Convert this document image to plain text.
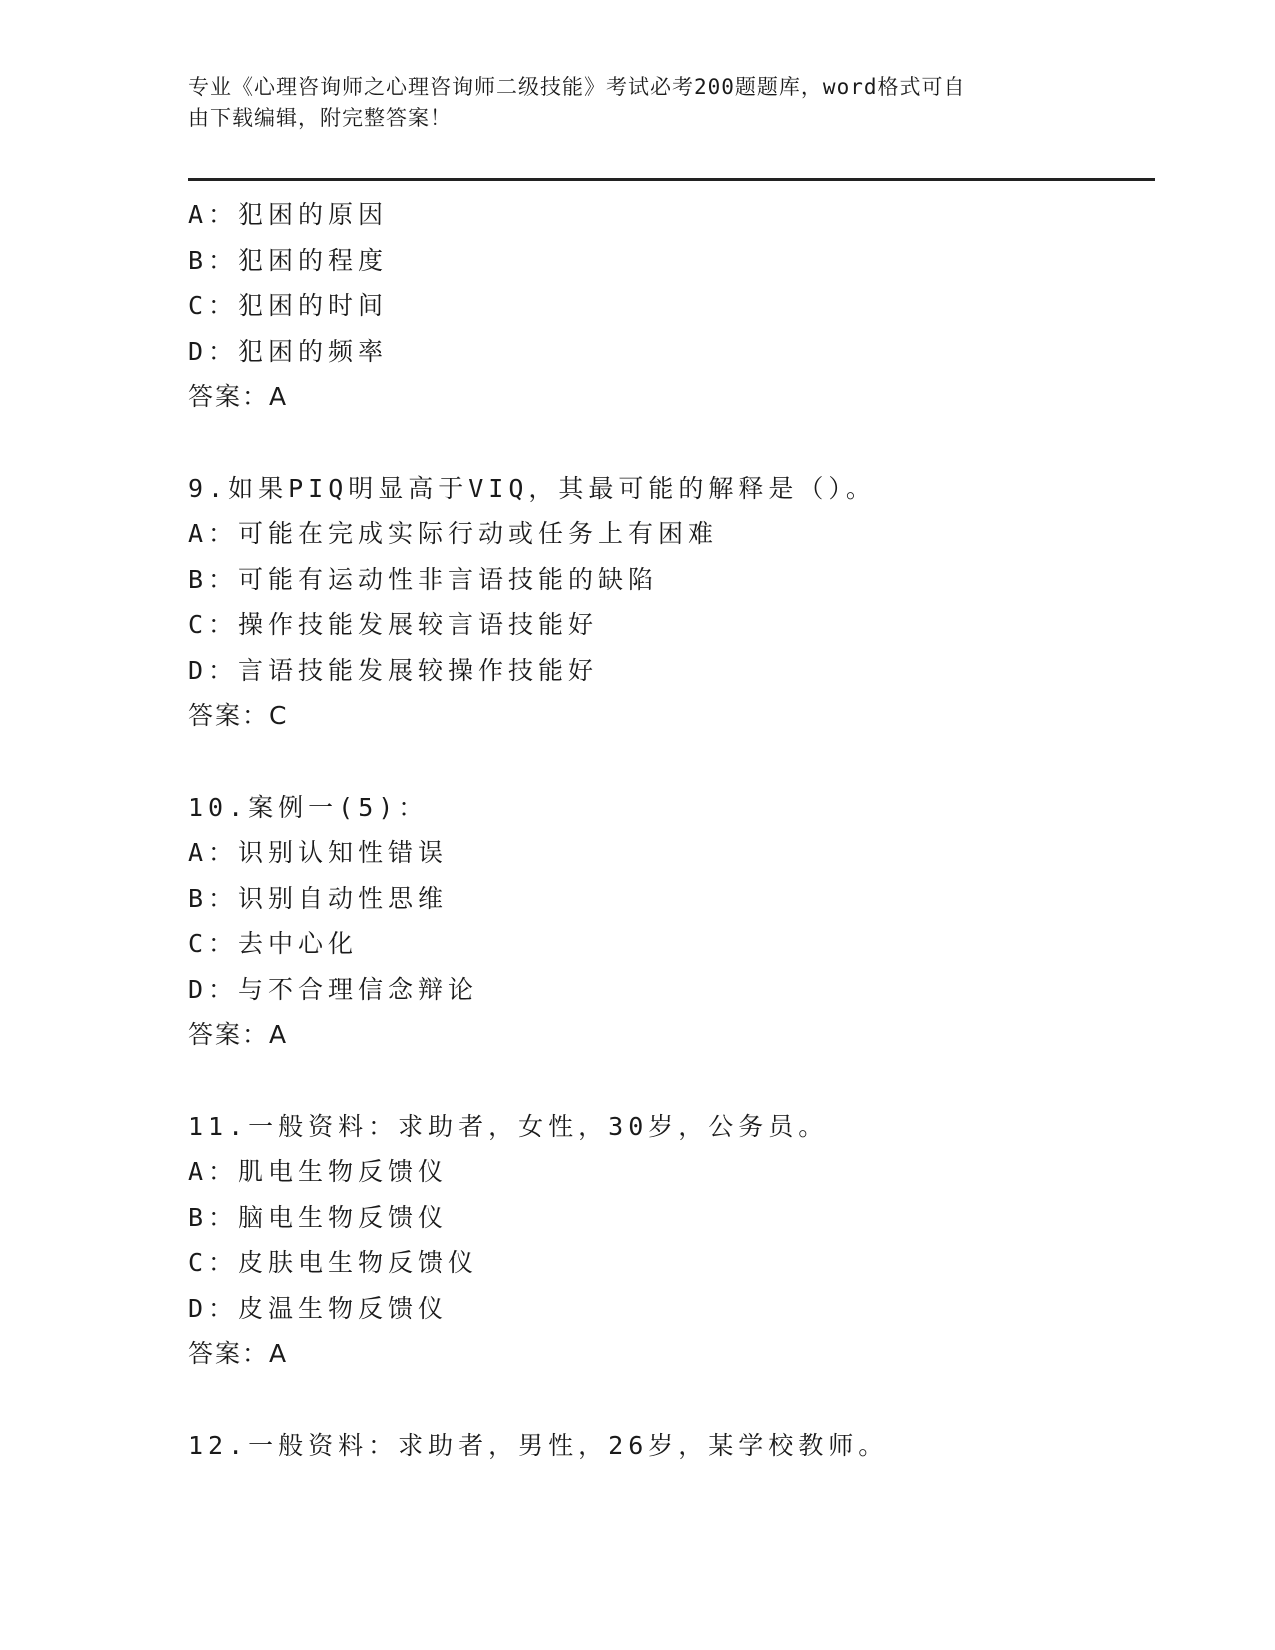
专业《心理咨询师之心理咨询师二级技能》考试必考200题题库，word格式可自
由下载编辑，附完整答案！
A：犯困的原因
B：犯困的程度
C：犯困的时间
D：犯困的频率
答案：A
9.如果PIQ明显高于VIQ，其最可能的解释是（）。
A：可能在完成实际行动或任务上有困难
B：可能有运动性非言语技能的缺陷
C：操作技能发展较言语技能好
D：言语技能发展较操作技能好
答案：C
10.案例一(5)：
A：识别认知性错误
B：识别自动性思维
C：去中心化
D：与不合理信念辩论
答案：A
11.一般资料：求助者，女性，30岁，公务员。
A：肌电生物反馈仪
B：脑电生物反馈仪
C：皮肤电生物反馈仪
D：皮温生物反馈仪
答案：A
12.一般资料：求助者，男性，26岁，某学校教师。
